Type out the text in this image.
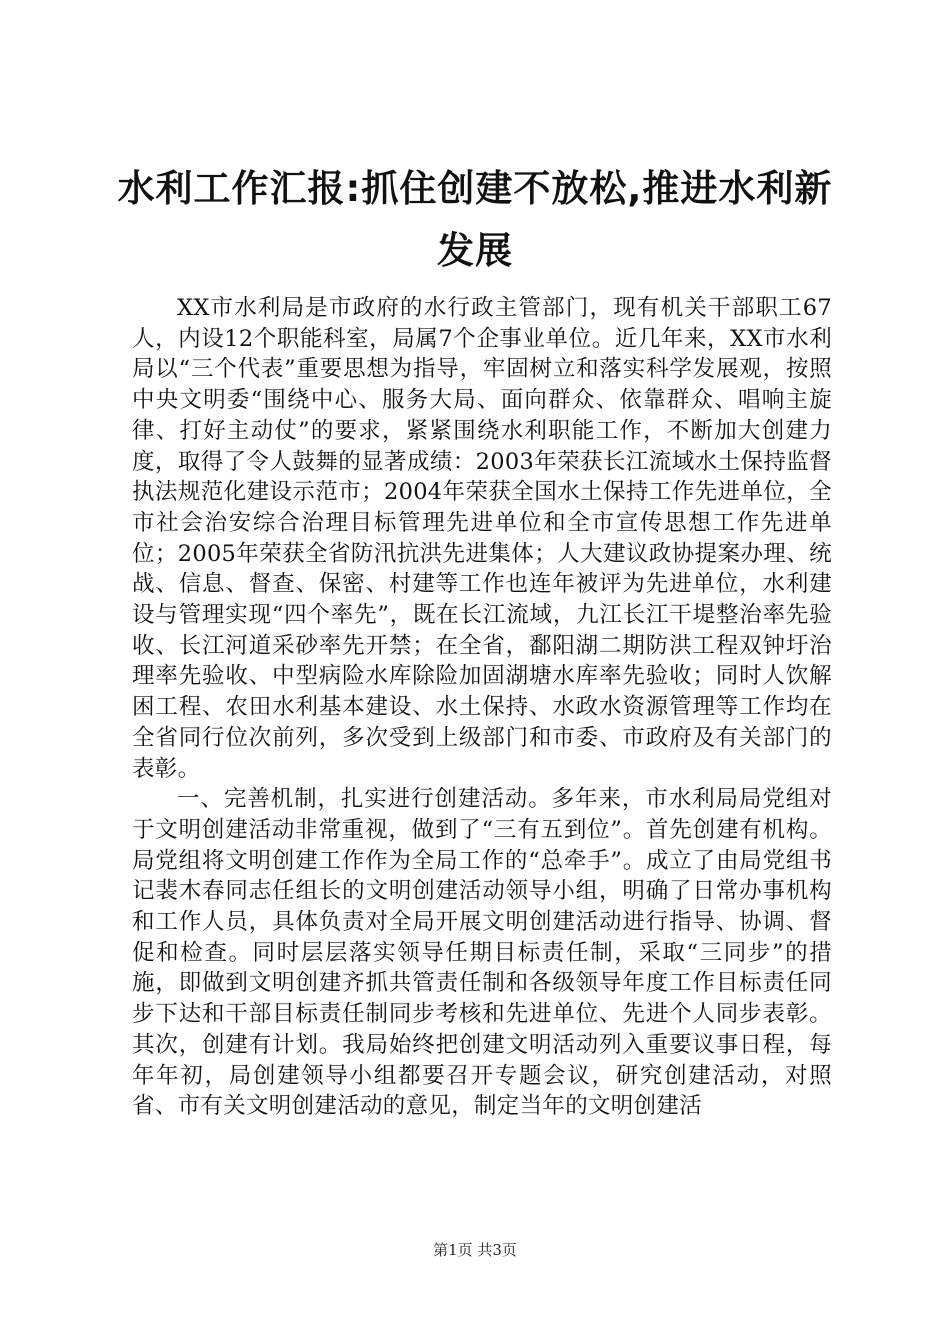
水利工作汇报:抓住创建不放松,推进水利新发展

XX市水利局是市政府的水行政主管部门，现有机关干部职工67人，内设12个职能科室，局属7个企事业单位。近几年来，XX市水利局以“三个代表”重要思想为指导，牢固树立和落实科学发展观，按照中央文明委“围绕中心、服务大局、面向群众、依靠群众、唱响主旋律、打好主动仗”的要求，紧紧围绕水利职能工作，不断加大创建力度，取得了令人鼓舞的显著成绩：2003年荣获长江流域水土保持监督执法规范化建设示范市；2004年荣获全国水土保持工作先进单位，全市社会治安综合治理目标管理先进单位和全市宣传思想工作先进单位；2005年荣获全省防汛抗洪先进集体；人大建议政协提案办理、统战、信息、督查、保密、村建等工作也连年被评为先进单位，水利建设与管理实现“四个率先”，既在长江流域，九江长江干堤整治率先验收、长江河道采砂率先开禁；在全省，鄱阳湖二期防洪工程双钟圩治理率先验收、中型病险水库除险加固湖塘水库率先验收；同时人饮解困工程、农田水利基本建设、水土保持、水政水资源管理等工作均在全省同行位次前列，多次受到上级部门和市委、市政府及有关部门的表彰。

一、完善机制，扎实进行创建活动。多年来，市水利局局党组对于文明创建活动非常重视，做到了“三有五到位”。首先创建有机构。局党组将文明创建工作作为全局工作的“总牵手”。成立了由局党组书记裴木春同志任组长的文明创建活动领导小组，明确了日常办事机构和工作人员，具体负责对全局开展文明创建活动进行指导、协调、督促和检查。同时层层落实领导任期目标责任制，采取“三同步”的措施，即做到文明创建齐抓共管责任制和各级领导年度工作目标责任同步下达和干部目标责任制同步考核和先进单位、先进个人同步表彰。其次，创建有计划。我局始终把创建文明活动列入重要议事日程，每年年初，局创建领导小组都要召开专题会议，研究创建活动，对照省、市有关文明创建活动的意见，制定当年的文明创建活

第1页 共3页
